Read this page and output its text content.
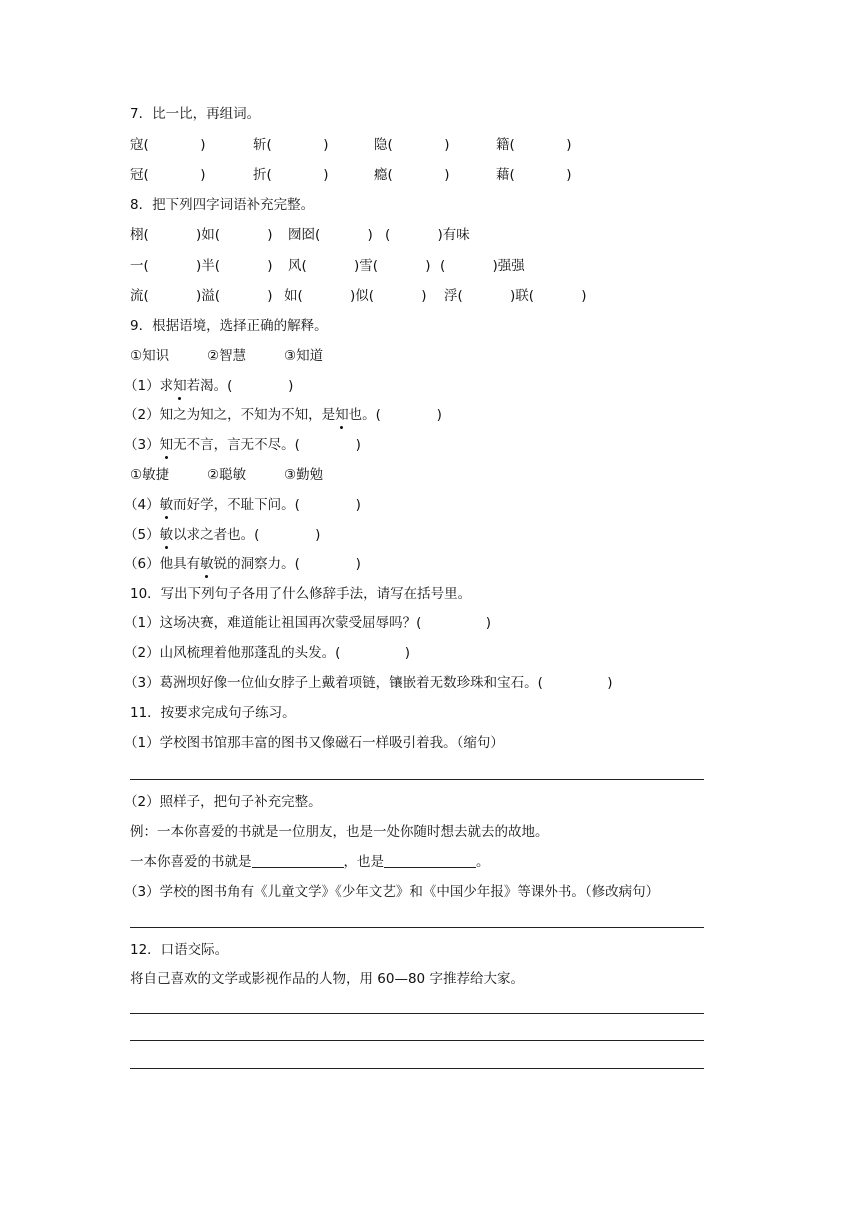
7．比一比，再组词。
寇(            )	斩(            )	隐(            )	籍(            )
冠(            )	折(            )	瘾(            )	藉(            )
8．把下列四字词语补充完整。
栩(           )如(           ) 囫囵(           ) (           )有味
一(           )半(           ) 风(           )雪(           ) (           )强强
流(           )溢(           ) 如(           )似(           ) 浮(           )联(           )
9．根据语境，选择正确的解释。
①知识	②智慧	③知道
（1）求知若渴。(             )
（2）知之为知之，不知为不知，是知也。(             )
（3）知无不言，言无不尽。(             )
①敏捷	②聪敏	③勤勉
（4）敏而好学，不耻下问。(             )
（5）敏以求之者也。(             )
（6）他具有敏锐的洞察力。(             )
10．写出下列句子各用了什么修辞手法，请写在括号里。
（1）这场决赛，难道能让祖国再次蒙受屈辱吗？(               )
（2）山风梳理着他那蓬乱的头发。(               )
（3）葛洲坝好像一位仙女脖子上戴着项链，镶嵌着无数珍珠和宝石。(               )
11．按要求完成句子练习。
（1）学校图书馆那丰富的图书又像磁石一样吸引着我。（缩句）
（2）照样子，把句子补充完整。
例：一本你喜爱的书就是一位朋友，也是一处你随时想去就去的故地。
一本你喜爱的书就是	，也是	。
（3）学校的图书角有《儿童文学》《少年文艺》和《中国少年报》等课外书。（修改病句）
12．口语交际。
将自己喜欢的文学或影视作品的人物，用 60—80 字推荐给大家。
